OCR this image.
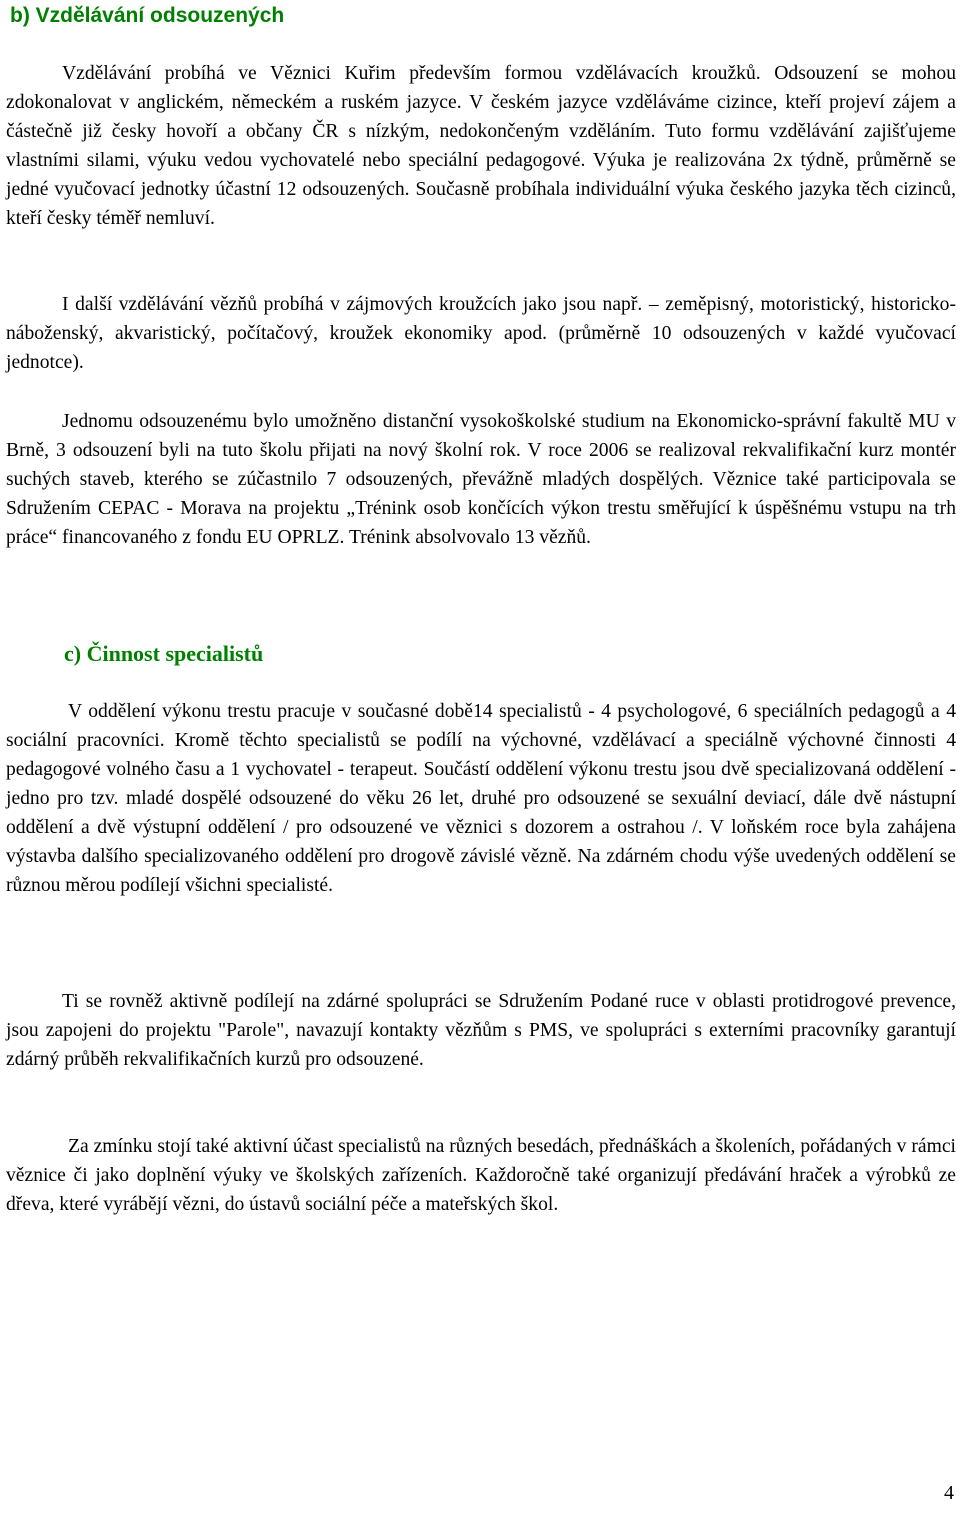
b) Vzdělávání odsouzených

Vzdělávání probíhá ve Věznici Kuřim především formou vzdělávacích kroužků. Odsouzení se mohou zdokonalovat v anglickém, německém a ruském jazyce. V českém jazyce vzděláváme cizince, kteří projeví zájem a částečně již česky hovoří a občany ČR s nízkým, nedokončeným vzděláním. Tuto formu vzdělávání zajišťujeme vlastními silami, výuku vedou vychovatelé nebo speciální pedagogové. Výuka je realizována 2x týdně, průměrně se jedné vyučovací jednotky účastní 12 odsouzených. Současně probíhala individuální výuka českého jazyka těch cizinců, kteří česky téměř nemluví.

I další vzdělávání vězňů probíhá v zájmových kroužcích jako jsou např. – zeměpisný, motoristický, historicko-náboženský, akvaristický, počítačový, kroužek ekonomiky apod. (průměrně 10 odsouzených v každé vyučovací jednotce).

Jednomu odsouzenému bylo umožněno distanční vysokoškolské studium na Ekonomicko-správní fakultě MU v Brně, 3 odsouzení byli na tuto školu přijati na nový školní rok. V roce 2006 se realizoval rekvalifikační kurz montér suchých staveb, kterého se zúčastnilo 7 odsouzených, převážně mladých dospělých. Věznice také participovala se Sdružením CEPAC - Morava na projektu „Trénink osob končících výkon trestu směřující k úspěšnému vstupu na trh práce“ financovaného z fondu EU OPRLZ. Trénink absolvovalo 13 vězňů.

c) Činnost specialistů

V oddělení výkonu trestu pracuje v současné době14 specialistů - 4 psychologové, 6 speciálních pedagogů a 4 sociální pracovníci. Kromě těchto specialistů se podílí na výchovné, vzdělávací a speciálně výchovné činnosti 4 pedagogové volného času a 1 vychovatel - terapeut. Součástí oddělení výkonu trestu jsou dvě specializovaná oddělení - jedno pro tzv. mladé dospělé odsouzené do věku 26 let, druhé pro odsouzené se sexuální deviací, dále dvě nástupní oddělení a dvě výstupní oddělení / pro odsouzené ve věznici s dozorem a ostrahou /. V loňském roce byla zahájena výstavba dalšího specializovaného oddělení pro drogově závislé vězně. Na zdárném chodu výše uvedených oddělení se různou měrou podílejí všichni specialisté.

Ti se rovněž aktivně podílejí na zdárné spolupráci se Sdružením Podané ruce v oblasti protidrogové prevence, jsou zapojeni do projektu "Parole", navazují kontakty vězňům s PMS, ve spolupráci s externími pracovníky garantují zdárný průběh rekvalifikačních kurzů pro odsouzené.

Za zmínku stojí také aktivní účast specialistů na různých besedách, přednáškách a školeních, pořádaných v rámci věznice či jako doplnění výuky ve školských zařízeních. Každoročně také organizují předávání hraček a výrobků ze dřeva, které vyrábějí vězni, do ústavů sociální péče a mateřských škol.

4
